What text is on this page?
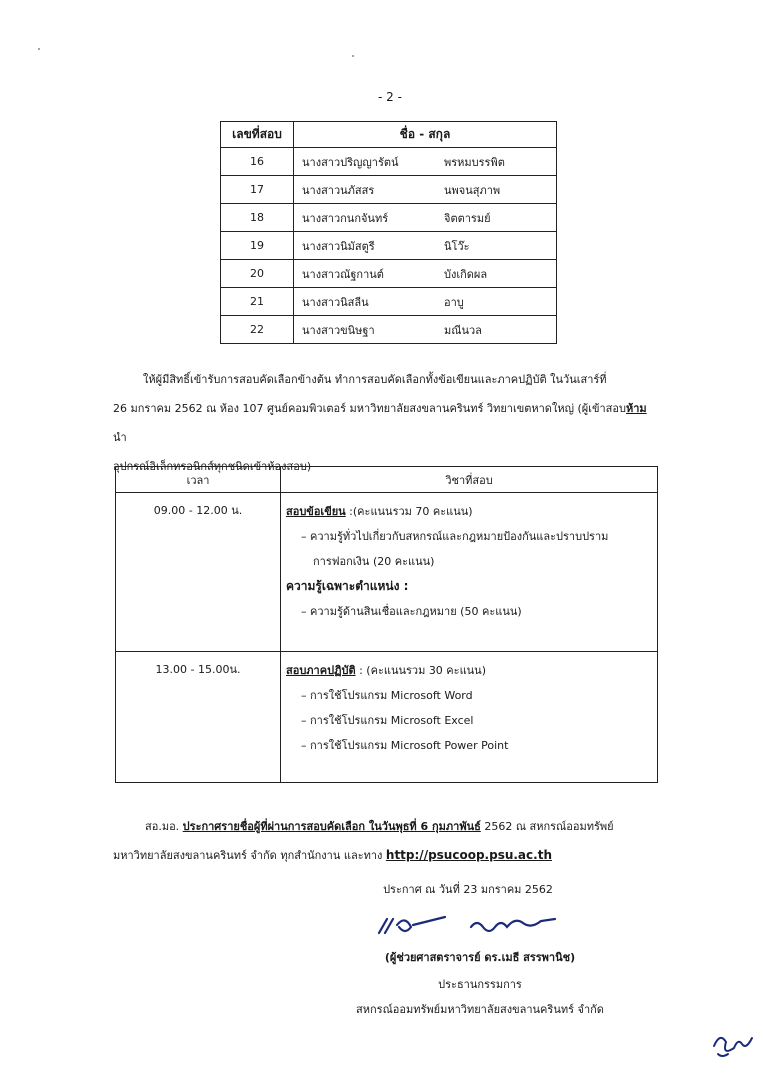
- 2 -
เลขที่สอบ	ชื่อ - สกุล	
16	นางสาวปริญญารัตน์	พรหมบรรพิต
17	นางสาวนภัสสร	นพจนสุภาพ
18	นางสาวกนกจันทร์	จิตตารมย์
19	นางสาวนิมัสตูรี	นิโว๊ะ
20	นางสาวณัฐกานต์	บังเกิดผล
21	นางสาวนิสลีน	อาบู
22	นางสาวขนิษฐา	มณีนวล
ให้ผู้มีสิทธิ์เข้ารับการสอบคัดเลือกข้างต้น ทำการสอบคัดเลือกทั้งข้อเขียนและภาคปฏิบัติ ในวันเสาร์ที่
26 มกราคม 2562 ณ ห้อง 107 ศูนย์คอมพิวเตอร์ มหาวิทยาลัยสงขลานครินทร์ วิทยาเขตหาดใหญ่ (ผู้เข้าสอบห้ามนำ
อุปกรณ์อิเล็กทรอนิกส์ทุกชนิดเข้าห้องสอบ)
เวลา	วิชาที่สอบ
09.00 - 12.00 น.	สอบข้อเขียน :(คะแนนรวม 70 คะแนน)
– ความรู้ทั่วไปเกี่ยวกับสหกรณ์และกฎหมายป้องกันและปราบปราม
การฟอกเงิน (20 คะแนน)
ความรู้เฉพาะตำแหน่ง :
– ความรู้ด้านสินเชื่อและกฎหมาย (50 คะแนน)

13.00 - 15.00น.	สอบภาคปฏิบัติ : (คะแนนรวม 30 คะแนน)
– การใช้โปรแกรม Microsoft Word
– การใช้โปรแกรม Microsoft Excel
– การใช้โปรแกรม Microsoft Power Point
สอ.มอ. ประกาศรายชื่อผู้ที่ผ่านการสอบคัดเลือก ในวันพุธที่ 6 กุมภาพันธ์ 2562 ณ สหกรณ์ออมทรัพย์
มหาวิทยาลัยสงขลานครินทร์ จำกัด ทุกสำนักงาน และทาง http://psucoop.psu.ac.th
ประกาศ ณ วันที่ 23 มกราคม 2562
(ผู้ช่วยศาสตราจารย์ ดร.เมธี สรรพานิช)
ประธานกรรมการ
สหกรณ์ออมทรัพย์มหาวิทยาลัยสงขลานครินทร์ จำกัด
